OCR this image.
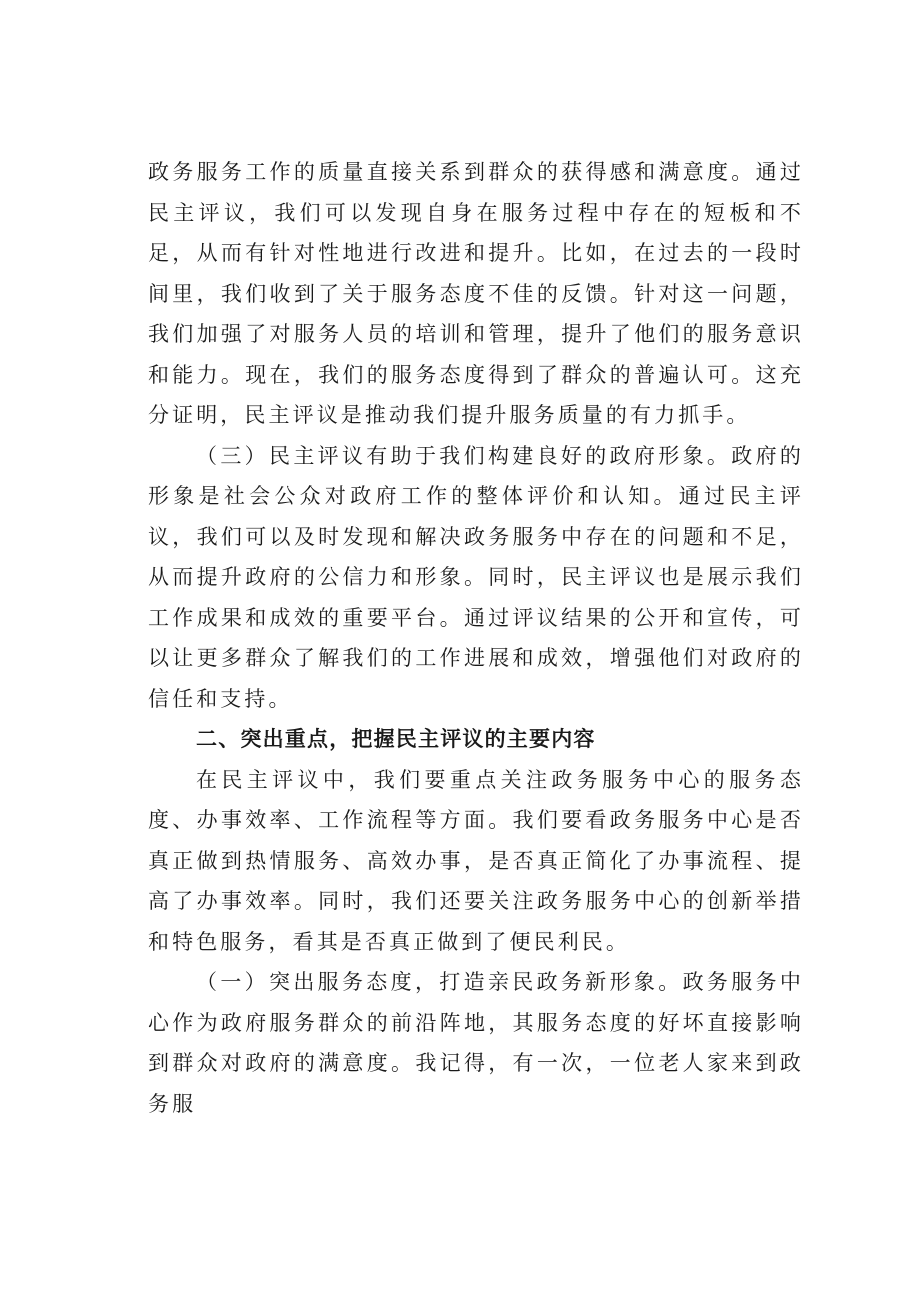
政务服务工作的质量直接关系到群众的获得感和满意度。通过民主评议，我们可以发现自身在服务过程中存在的短板和不足，从而有针对性地进行改进和提升。比如，在过去的一段时间里，我们收到了关于服务态度不佳的反馈。针对这一问题，我们加强了对服务人员的培训和管理，提升了他们的服务意识和能力。现在，我们的服务态度得到了群众的普遍认可。这充分证明，民主评议是推动我们提升服务质量的有力抓手。

（三）民主评议有助于我们构建良好的政府形象。政府的形象是社会公众对政府工作的整体评价和认知。通过民主评议，我们可以及时发现和解决政务服务中存在的问题和不足，从而提升政府的公信力和形象。同时，民主评议也是展示我们工作成果和成效的重要平台。通过评议结果的公开和宣传，可以让更多群众了解我们的工作进展和成效，增强他们对政府的信任和支持。

二、突出重点，把握民主评议的主要内容

在民主评议中，我们要重点关注政务服务中心的服务态度、办事效率、工作流程等方面。我们要看政务服务中心是否真正做到热情服务、高效办事，是否真正简化了办事流程、提高了办事效率。同时，我们还要关注政务服务中心的创新举措和特色服务，看其是否真正做到了便民利民。

（一）突出服务态度，打造亲民政务新形象。政务服务中心作为政府服务群众的前沿阵地，其服务态度的好坏直接影响到群众对政府的满意度。我记得，有一次，一位老人家来到政务服
